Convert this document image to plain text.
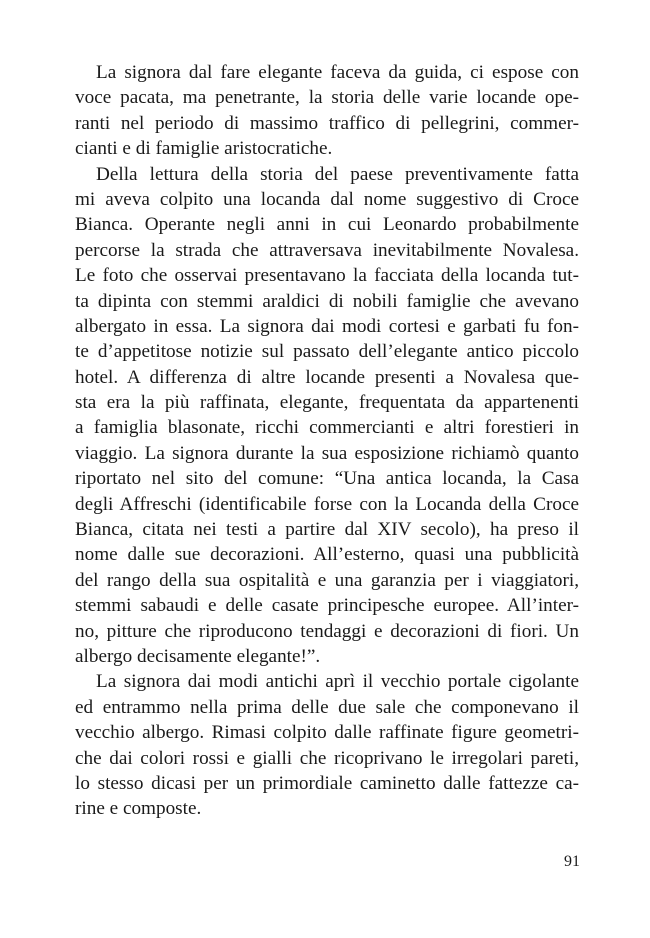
La signora dal fare elegante faceva da guida, ci espose con
voce pacata, ma penetrante, la storia delle varie locande ope-
ranti nel periodo di massimo traffico di pellegrini, commer-
cianti e di famiglie aristocratiche.
Della lettura della storia del paese preventivamente fatta
mi aveva colpito una locanda dal nome suggestivo di Croce
Bianca. Operante negli anni in cui Leonardo probabilmente
percorse la strada che attraversava inevitabilmente Novalesa.
Le foto che osservai presentavano la facciata della locanda tut-
ta dipinta con stemmi araldici di nobili famiglie che avevano
albergato in essa. La signora dai modi cortesi e garbati fu fon-
te d’appetitose notizie sul passato dell’elegante antico piccolo
hotel. A differenza di altre locande presenti a Novalesa que-
sta era la più raffinata, elegante, frequentata da appartenenti
a famiglia blasonate, ricchi commercianti e altri forestieri in
viaggio. La signora durante la sua esposizione richiamò quanto
riportato nel sito del comune: “Una antica locanda, la Casa
degli Affreschi (identificabile forse con la Locanda della Croce
Bianca, citata nei testi a partire dal XIV secolo), ha preso il
nome dalle sue decorazioni. All’esterno, quasi una pubblicità
del rango della sua ospitalità e una garanzia per i viaggiatori,
stemmi sabaudi e delle casate principesche europee. All’inter-
no, pitture che riproducono tendaggi e decorazioni di fiori. Un
albergo decisamente elegante!”.
La signora dai modi antichi aprì il vecchio portale cigolante
ed entrammo nella prima delle due sale che componevano il
vecchio albergo. Rimasi colpito dalle raffinate figure geometri-
che dai colori rossi e gialli che ricoprivano le irregolari pareti,
lo stesso dicasi per un primordiale caminetto dalle fattezze ca-
rine e composte.
91
